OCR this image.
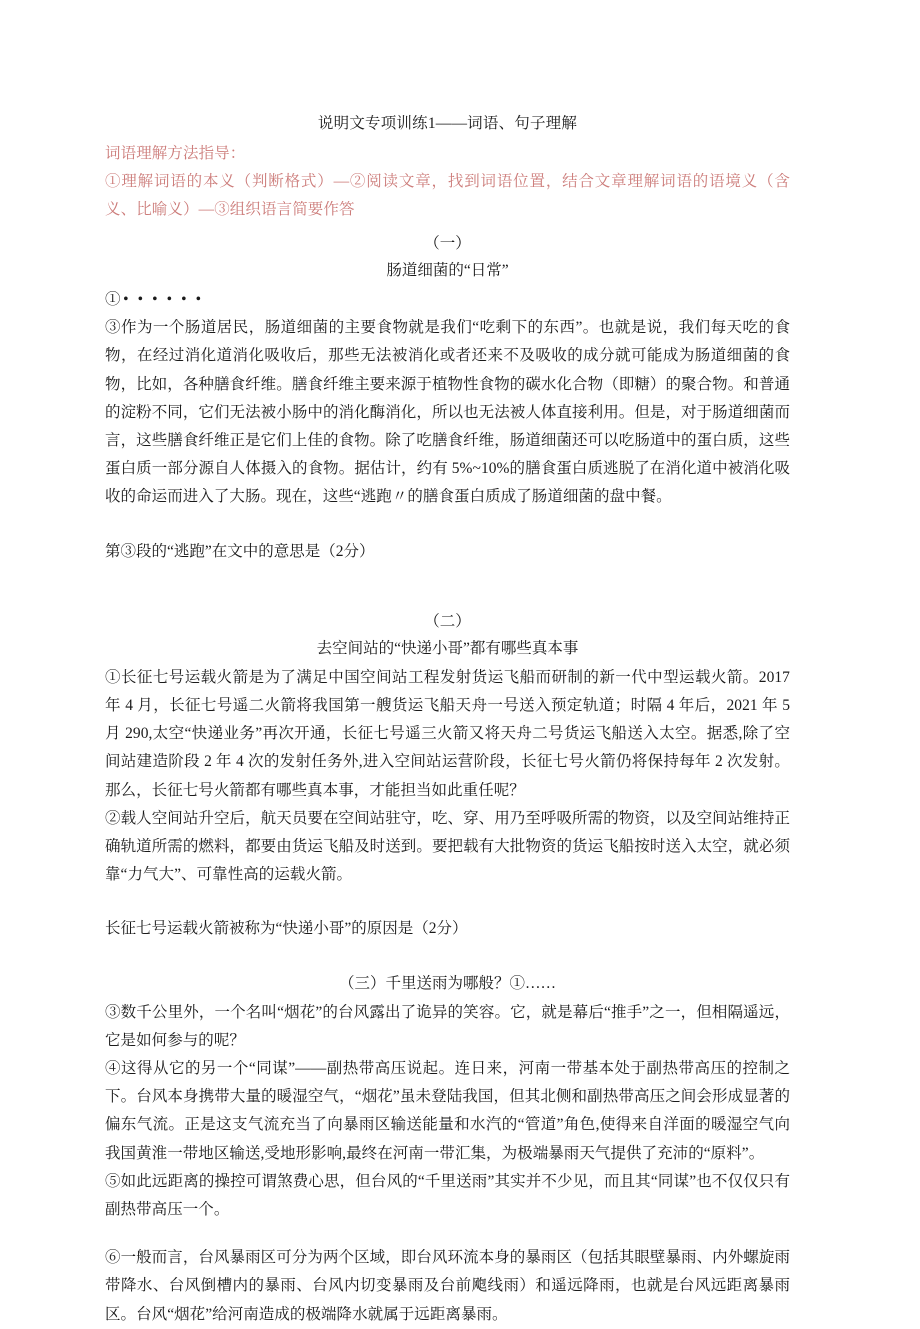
说明文专项训练1——词语、句子理解

词语理解方法指导：

①理解词语的本义（判断格式）—②阅读文章，找到词语位置，结合文章理解词语的语境义（含义、比喻义）—③组织语言简要作答

（一）
肠道细菌的“日常”

①• • • • • •

③作为一个肠道居民，肠道细菌的主要食物就是我们“吃剩下的东西”。也就是说，我们每天吃的食物，在经过消化道消化吸收后，那些无法被消化或者还来不及吸收的成分就可能成为肠道细菌的食物，比如，各种膳食纤维。膳食纤维主要来源于植物性食物的碳水化合物（即糖）的聚合物。和普通的淀粉不同，它们无法被小肠中的消化酶消化，所以也无法被人体直接利用。但是，对于肠道细菌而言，这些膳食纤维正是它们上佳的食物。除了吃膳食纤维，肠道细菌还可以吃肠道中的蛋白质，这些蛋白质一部分源自人体摄入的食物。据估计，约有 5%~10%的膳食蛋白质逃脱了在消化道中被消化吸收的命运而进入了大肠。现在，这些“逃跑〃的膳食蛋白质成了肠道细菌的盘中餐。

第③段的“逃跑”在文中的意思是（2分）

（二）
去空间站的“快递小哥”都有哪些真本事

①长征七号运载火箭是为了满足中国空间站工程发射货运飞船而研制的新一代中型运载火箭。2017 年 4 月，长征七号遥二火箭将我国第一艘货运飞船天舟一号送入预定轨道；时隔 4 年后，2021 年 5 月 290,太空“快递业务”再次开通，长征七号遥三火箭又将天舟二号货运飞船送入太空。据悉,除了空间站建造阶段 2 年 4 次的发射任务外,进入空间站运营阶段，长征七号火箭仍将保持每年 2 次发射。那么，长征七号火箭都有哪些真本事，才能担当如此重任呢？

②载人空间站升空后，航天员要在空间站驻守，吃、穿、用乃至呼吸所需的物资，以及空间站维持正确轨道所需的燃料，都要由货运飞船及时送到。要把载有大批物资的货运飞船按时送入太空，就必须靠“力气大”、可靠性高的运载火箭。

长征七号运载火箭被称为“快递小哥”的原因是（2分）

（三）千里送雨为哪般？①……

③数千公里外，一个名叫“烟花”的台风露出了诡异的笑容。它，就是幕后“推手”之一，但相隔遥远，它是如何参与的呢？

④这得从它的另一个“同谋”——副热带高压说起。连日来，河南一带基本处于副热带高压的控制之下。台风本身携带大量的暖湿空气，“烟花”虽未登陆我国，但其北侧和副热带高压之间会形成显著的偏东气流。正是这支气流充当了向暴雨区输送能量和水汽的“管道”角色,使得来自洋面的暖湿空气向我国黄淮一带地区输送,受地形影响,最终在河南一带汇集，为极端暴雨天气提供了充沛的“原料”。

⑤如此远距离的操控可谓煞费心思，但台风的“千里送雨”其实并不少见，而且其“同谋”也不仅仅只有副热带高压一个。

⑥一般而言，台风暴雨区可分为两个区域，即台风环流本身的暴雨区（包括其眼壁暴雨、内外螺旋雨带降水、台风倒槽内的暴雨、台风内切变暴雨及台前飑线雨）和遥远降雨，也就是台风远距离暴雨区。台风“烟花”给河南造成的极端降水就属于远距离暴雨。
